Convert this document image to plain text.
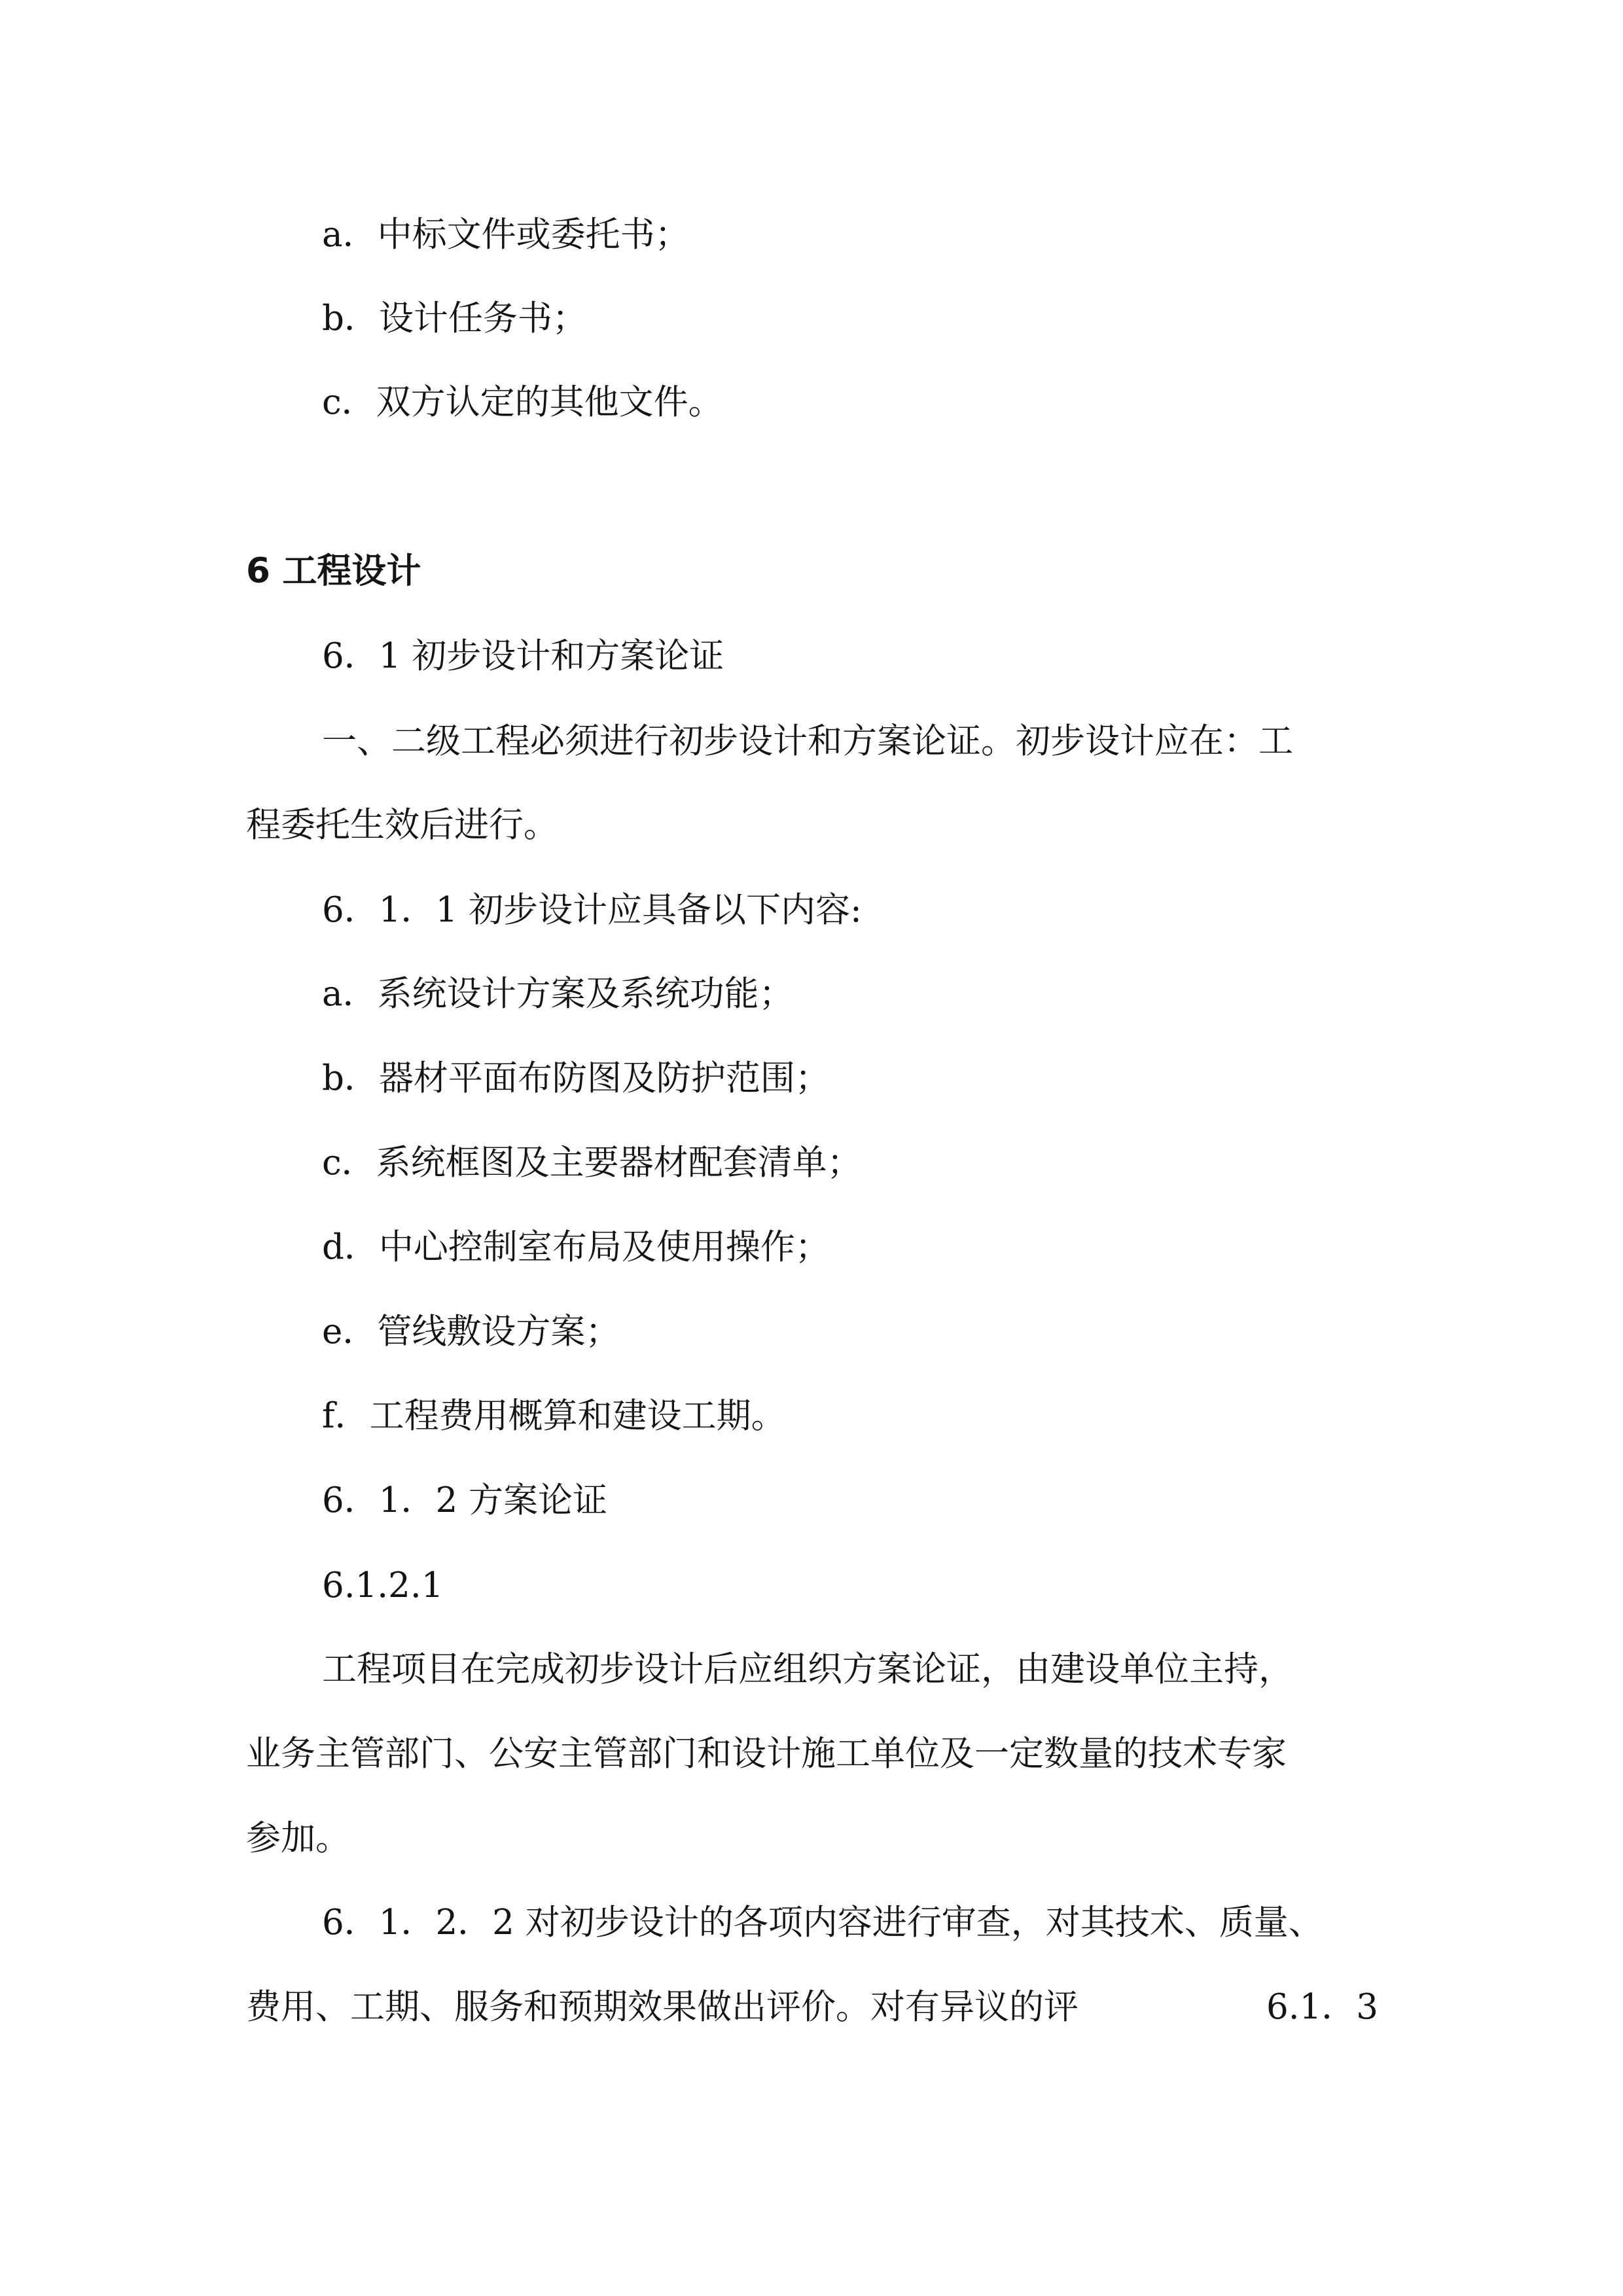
a．中标文件或委托书；

b．设计任务书；

c．双方认定的其他文件。

6 工程设计

6．1 初步设计和方案论证

一、二级工程必须进行初步设计和方案论证。初步设计应在：工

程委托生效后进行。

6．1．1 初步设计应具备以下内容:

a．系统设计方案及系统功能；

b．器材平面布防图及防护范围；

c．系统框图及主要器材配套清单；

d．中心控制室布局及使用操作；

e．管线敷设方案；

f．工程费用概算和建设工期。

6．1．2 方案论证

6.1.2.1

工程项目在完成初步设计后应组织方案论证，由建设单位主持，

业务主管部门、公安主管部门和设计施工单位及一定数量的技术专家

参加。

6．1．2．2 对初步设计的各项内容进行审查，对其技术、质量、

费用、工期、服务和预期效果做出评价。对有异议的评	6.1．3
